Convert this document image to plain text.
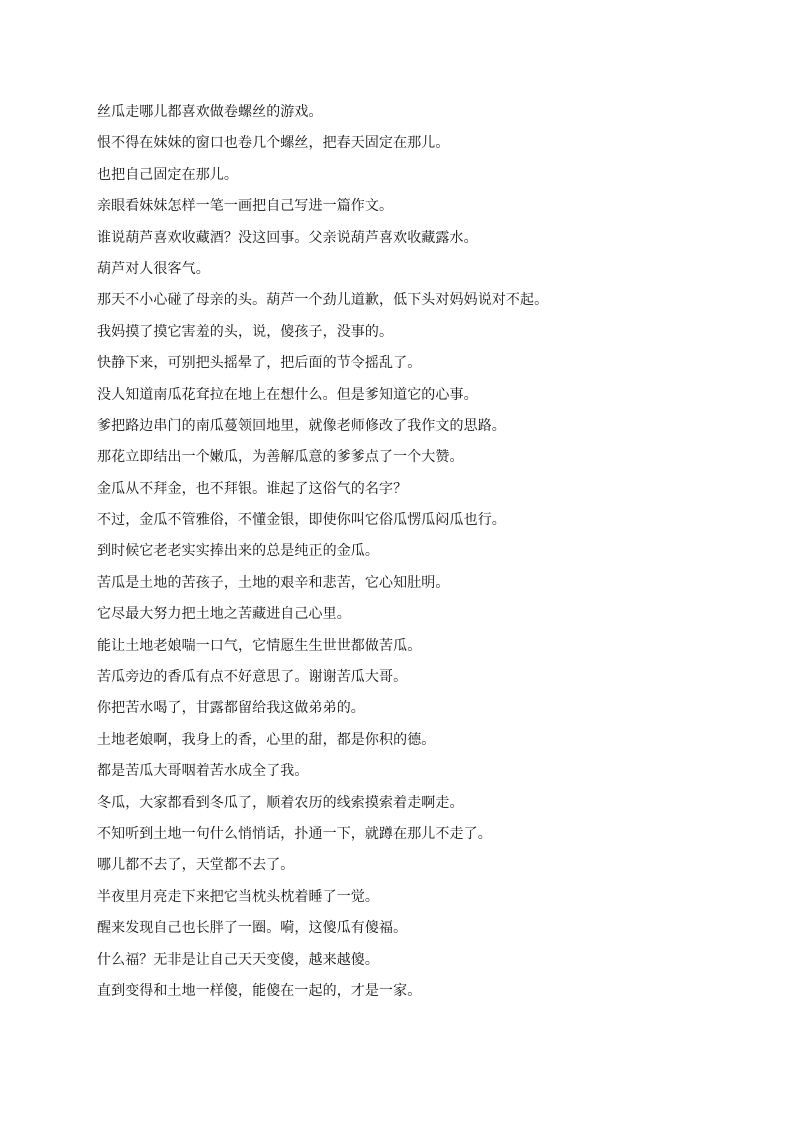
丝瓜走哪儿都喜欢做卷螺丝的游戏。
恨不得在妹妹的窗口也卷几个螺丝，把春天固定在那儿。
也把自己固定在那儿。
亲眼看妹妹怎样一笔一画把自己写进一篇作文。
谁说葫芦喜欢收藏酒？没这回事。父亲说葫芦喜欢收藏露水。
葫芦对人很客气。
那天不小心碰了母亲的头。葫芦一个劲儿道歉，低下头对妈妈说对不起。
我妈摸了摸它害羞的头，说，傻孩子，没事的。
快静下来，可别把头摇晕了，把后面的节令摇乱了。
没人知道南瓜花耷拉在地上在想什么。但是爹知道它的心事。
爹把路边串门的南瓜蔓领回地里，就像老师修改了我作文的思路。
那花立即结出一个嫩瓜，为善解瓜意的爹爹点了一个大赞。
金瓜从不拜金，也不拜银。谁起了这俗气的名字？
不过，金瓜不管雅俗，不懂金银，即使你叫它俗瓜愣瓜闷瓜也行。
到时候它老老实实捧出来的总是纯正的金瓜。
苦瓜是土地的苦孩子，土地的艰辛和悲苦，它心知肚明。
它尽最大努力把土地之苦藏进自己心里。
能让土地老娘喘一口气，它情愿生生世世都做苦瓜。
苦瓜旁边的香瓜有点不好意思了。谢谢苦瓜大哥。
你把苦水喝了，甘露都留给我这做弟弟的。
土地老娘啊，我身上的香，心里的甜，都是你积的德。
都是苦瓜大哥咽着苦水成全了我。
冬瓜，大家都看到冬瓜了，顺着农历的线索摸索着走啊走。
不知听到土地一句什么悄悄话，扑通一下，就蹲在那儿不走了。
哪儿都不去了，天堂都不去了。
半夜里月亮走下来把它当枕头枕着睡了一觉。
醒来发现自己也长胖了一圈。嗬，这傻瓜有傻福。
什么福？无非是让自己天天变傻，越来越傻。
直到变得和土地一样傻，能傻在一起的，才是一家。
